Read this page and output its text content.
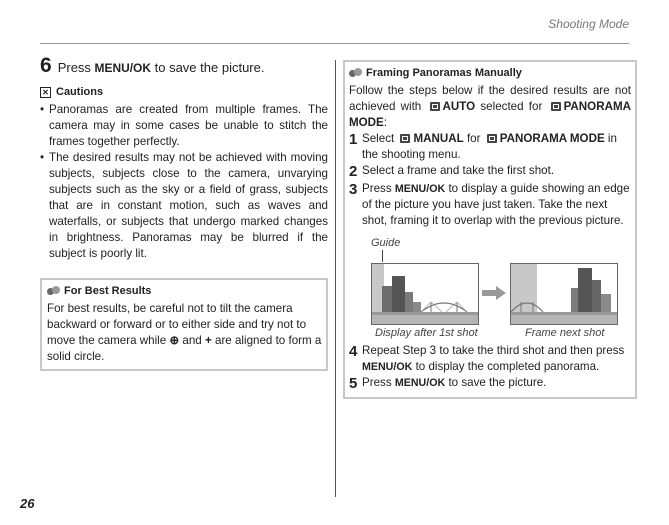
Shooting Mode
6 Press MENU/OK to save the picture.
✕ Cautions
• Panoramas are created from multiple frames. The camera may in some cases be unable to stitch the frames together perfectly.
• The desired results may not be achieved with moving subjects, subjects close to the camera, unvarying subjects such as the sky or a field of grass, subjects that are in constant motion, such as waves and waterfalls, or subjects that undergo marked changes in brightness. Panoramas may be blurred if the subject is poorly lit.
For Best Results
For best results, be careful not to tilt the camera backward or forward or to either side and try not to move the camera while ⊕ and + are aligned to form a solid circle.
26
Framing Panoramas Manually
Follow the steps below if the desired results are not achieved with AUTO selected for PANORAMA MODE:
1 Select MANUAL for PANORAMA MODE in the shooting menu.
2 Select a frame and take the first shot.
3 Press MENU/OK to display a guide showing an edge of the picture you have just taken. Take the next shot, framing it to overlap with the previous picture.
Guide
Display after 1st shot	Frame next shot
4 Repeat Step 3 to take the third shot and then press MENU/OK to display the completed panorama.
5 Press MENU/OK to save the picture.
